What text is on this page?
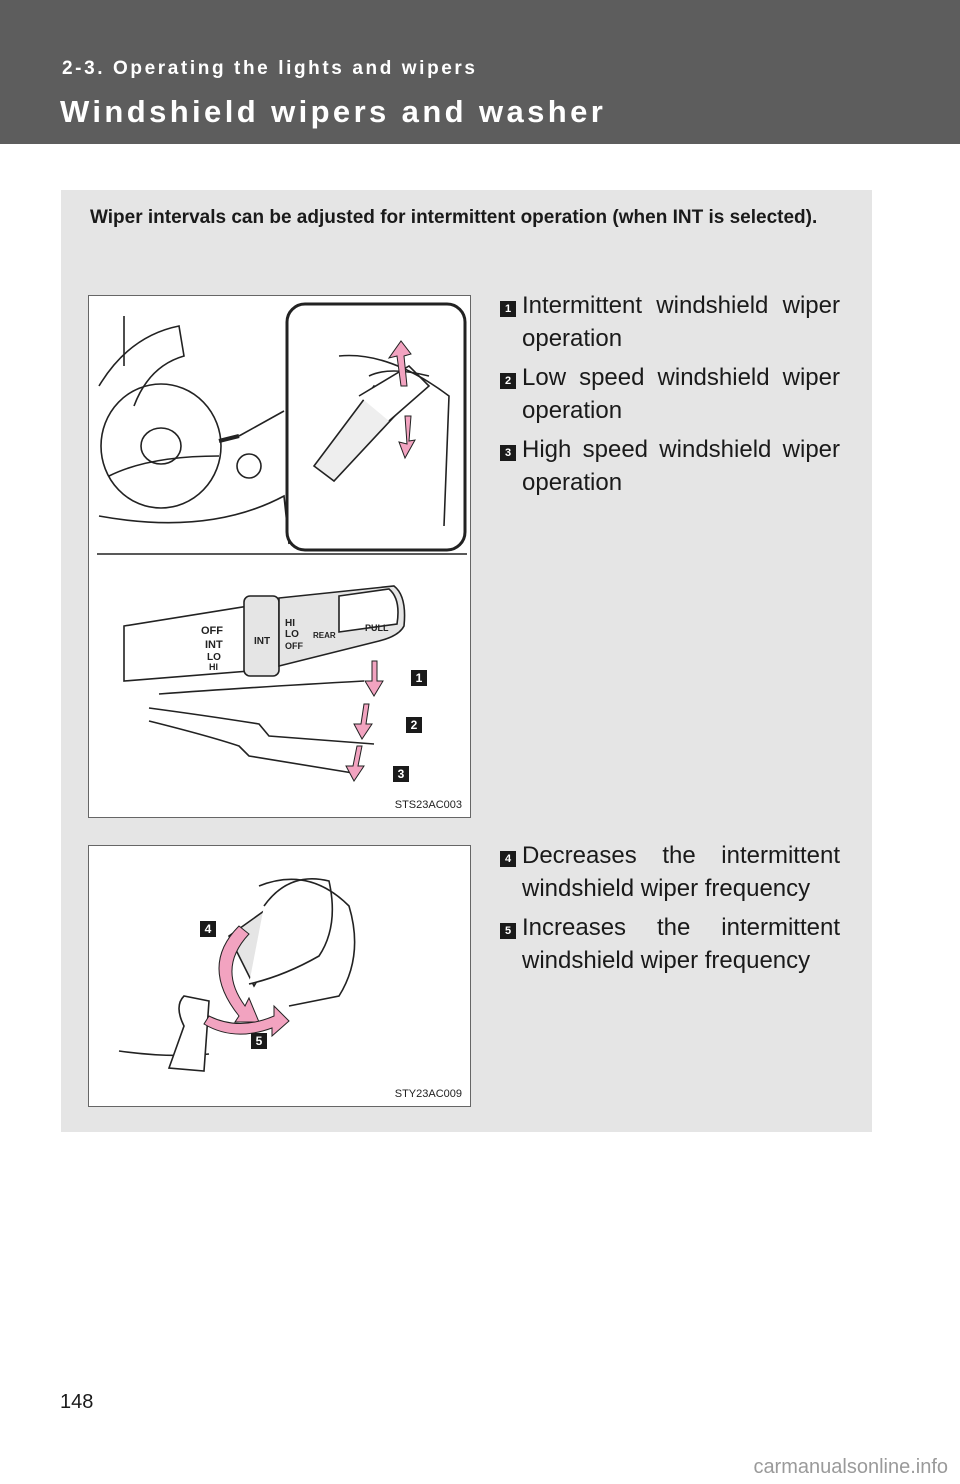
2-3. Operating the lights and wipers
Windshield wipers and washer
Wiper intervals can be adjusted for intermittent operation (when INT is selected).
OFF
INT
LO
HI
INT
HI
LO
OFF
REAR
PULL
1
2
3
STS23AC003
4
5
STY23AC009
1 Intermittent windshield wiper operation
2 Low speed windshield wiper operation
3 High speed windshield wiper operation
4 Decreases the intermittent windshield wiper frequency
5 Increases the intermittent windshield wiper frequency
148
carmanualsonline.info
